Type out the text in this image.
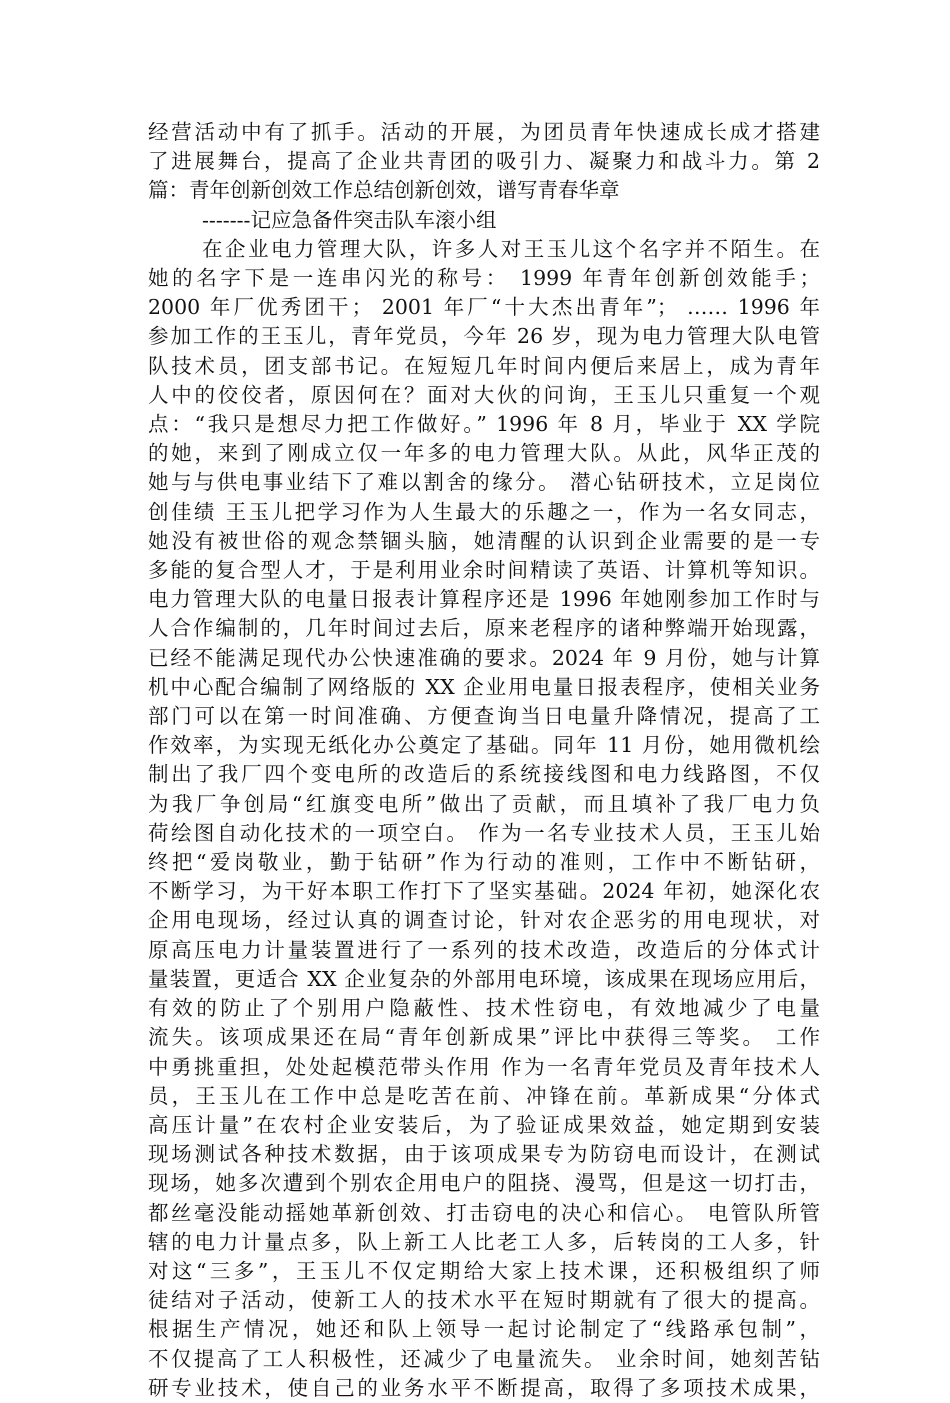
经营活动中有了抓手。活动的开展，为团员青年快速成长成才搭建
了进展舞台，提高了企业共青团的吸引力、凝聚力和战斗力。第 2
篇：青年创新创效工作总结创新创效，谱写青春华章
-------记应急备件突击队车滚小组
在企业电力管理大队，许多人对王玉儿这个名字并不陌生。在
她的名字下是一连串闪光的称号： 1999 年青年创新创效能手；
2000 年厂优秀团干； 2001 年厂“十大杰出青年”； …… 1996 年
参加工作的王玉儿，青年党员，今年 26 岁，现为电力管理大队电管
队技术员，团支部书记。在短短几年时间内便后来居上，成为青年
人中的佼佼者，原因何在？面对大伙的问询，王玉儿只重复一个观
点：“我只是想尽力把工作做好。” 1996 年 8 月，毕业于 XX 学院
的她，来到了刚成立仅一年多的电力管理大队。从此，风华正茂的
她与与供电事业结下了难以割舍的缘分。 潜心钻研技术，立足岗位
创佳绩 王玉儿把学习作为人生最大的乐趣之一，作为一名女同志，
她没有被世俗的观念禁锢头脑，她清醒的认识到企业需要的是一专
多能的复合型人才，于是利用业余时间精读了英语、计算机等知识。
电力管理大队的电量日报表计算程序还是 1996 年她刚参加工作时与
人合作编制的，几年时间过去后，原来老程序的诸种弊端开始现露，
已经不能满足现代办公快速准确的要求。2024 年 9 月份，她与计算
机中心配合编制了网络版的 XX 企业用电量日报表程序，使相关业务
部门可以在第一时间准确、方便查询当日电量升降情况，提高了工
作效率，为实现无纸化办公奠定了基础。同年 11 月份，她用微机绘
制出了我厂四个变电所的改造后的系统接线图和电力线路图，不仅
为我厂争创局“红旗变电所”做出了贡献，而且填补了我厂电力负
荷绘图自动化技术的一项空白。 作为一名专业技术人员，王玉儿始
终把“爱岗敬业，勤于钻研”作为行动的准则，工作中不断钻研，
不断学习，为干好本职工作打下了坚实基础。2024 年初，她深化农
企用电现场，经过认真的调查讨论，针对农企恶劣的用电现状，对
原高压电力计量装置进行了一系列的技术改造，改造后的分体式计
量装置，更适合 XX 企业复杂的外部用电环境，该成果在现场应用后，
有效的防止了个别用户隐蔽性、技术性窃电，有效地减少了电量
流失。该项成果还在局“青年创新成果”评比中获得三等奖。 工作
中勇挑重担，处处起模范带头作用 作为一名青年党员及青年技术人
员，王玉儿在工作中总是吃苦在前、冲锋在前。革新成果“分体式
高压计量”在农村企业安装后，为了验证成果效益，她定期到安装
现场测试各种技术数据，由于该项成果专为防窃电而设计，在测试
现场，她多次遭到个别农企用电户的阻挠、漫骂，但是这一切打击，
都丝毫没能动摇她革新创效、打击窃电的决心和信心。 电管队所管
辖的电力计量点多，队上新工人比老工人多，后转岗的工人多，针
对这“三多”，王玉儿不仅定期给大家上技术课，还积极组织了师
徒结对子活动，使新工人的技术水平在短时期就有了很大的提高。
根据生产情况，她还和队上领导一起讨论制定了“线路承包制”，
不仅提高了工人积极性，还减少了电量流失。 业余时间，她刻苦钻
研专业技术，使自己的业务水平不断提高，取得了多项技术成果，
